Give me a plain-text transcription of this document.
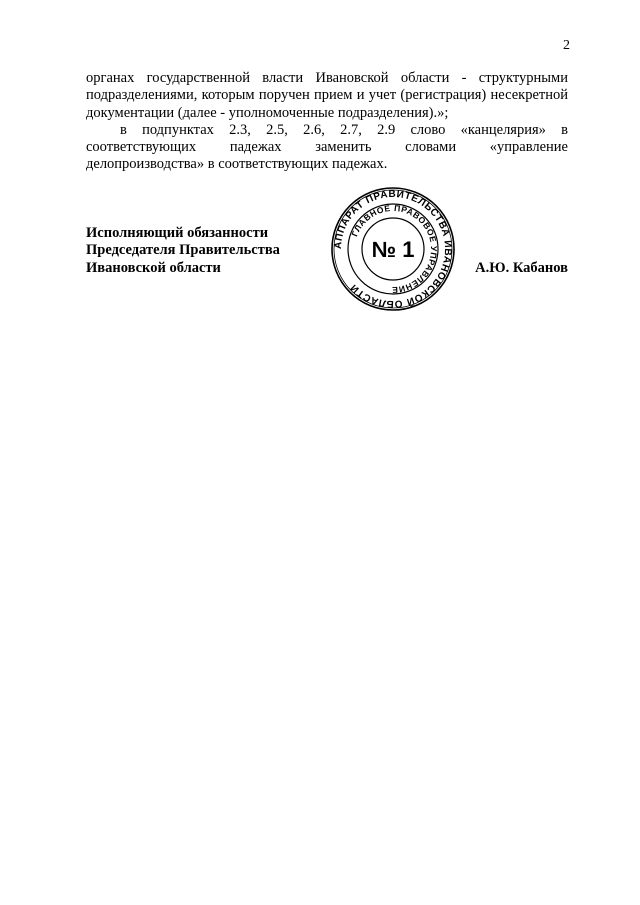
2

органах государственной власти Ивановской области - структурными подразделениями, которым поручен прием и учет (регистрация) несекретной документации (далее - уполномоченные подразделения).»;

в подпунктах 2.3, 2.5, 2.6, 2.7, 2.9 слово «канцелярия» в соответствующих падежах заменить словами «управление делопроизводства» в соответствующих падежах.

Исполняющий обязанности
Председателя Правительства
Ивановской области
АППАРАТ ПРАВИТЕЛЬСТВА ИВАНОВСКОЙ ОБЛАСТИ
ГЛАВНОЕ ПРАВОВОЕ УПРАВЛЕНИЕ
№ 1
А.Ю. Кабанов
